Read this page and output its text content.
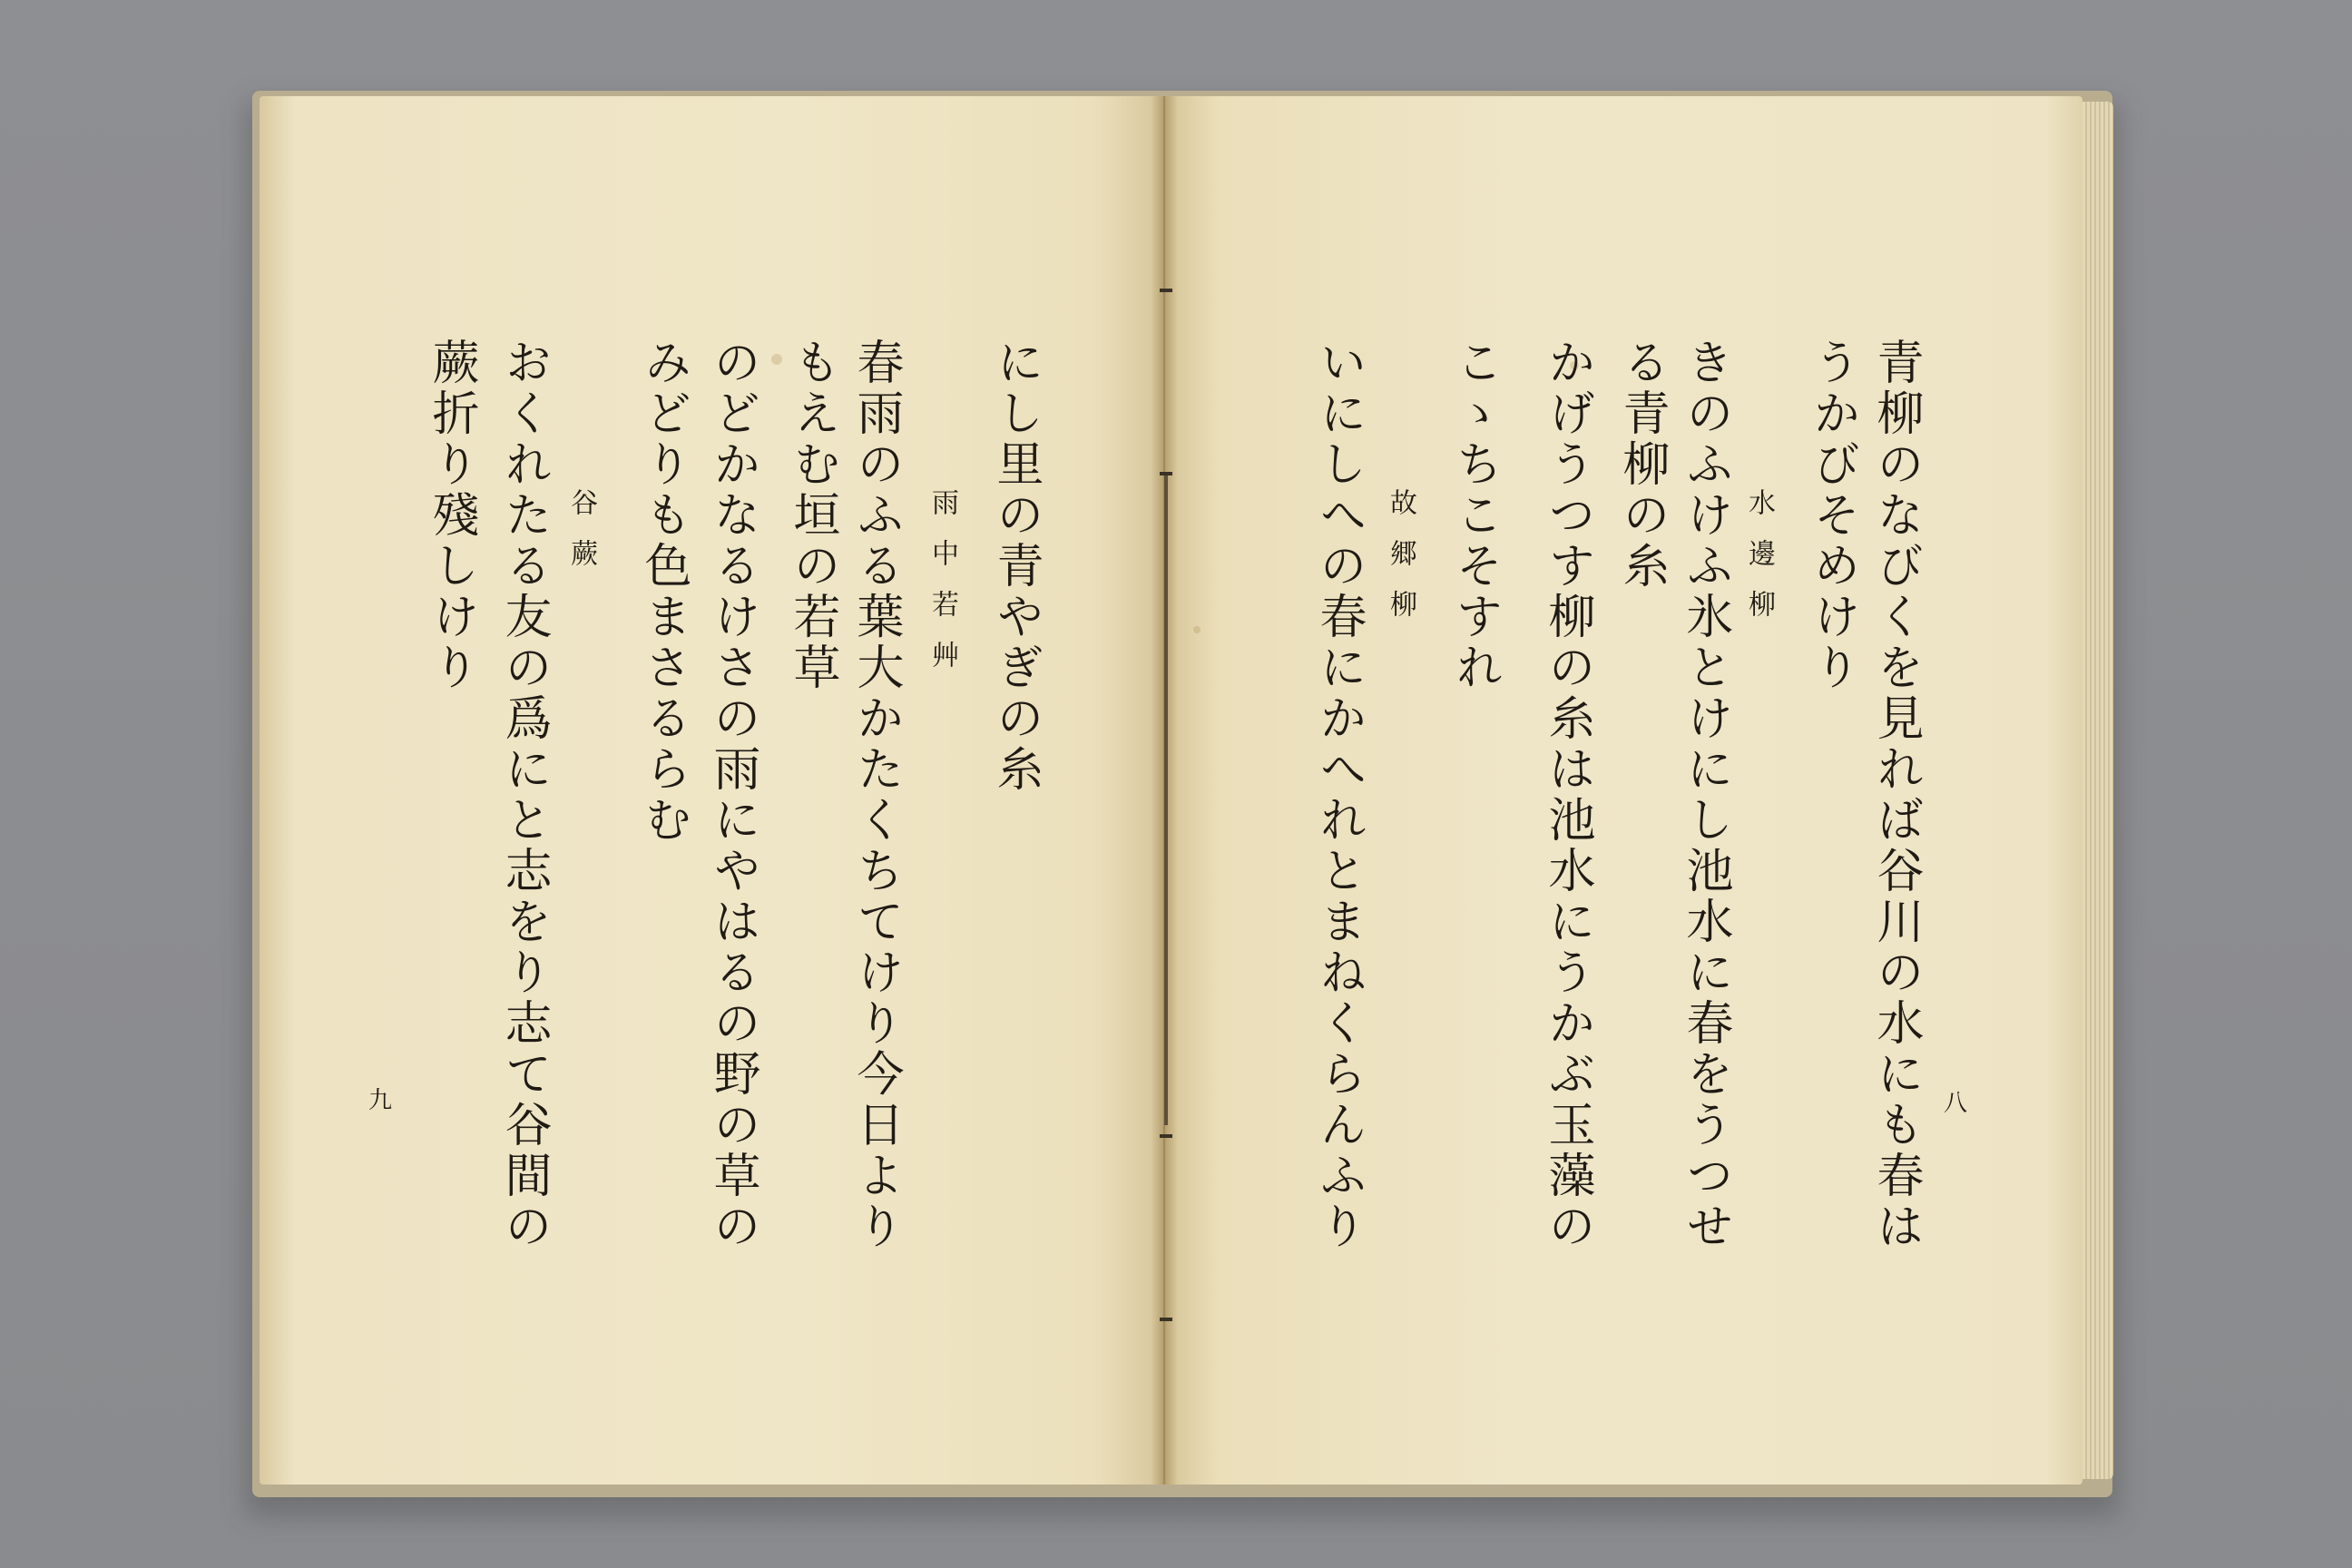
青柳のなびくを見れば谷川の水にも春は
うかびそめけり
水邊柳
きのふけふ氷とけにし池水に春をうつせ
る青柳の糸
かげうつす柳の糸は池水にうかぶ玉藻の
こゝちこそすれ
故郷柳
いにしへの春にかへれとまねくらんふり	八
にし里の青やぎの糸
雨中若艸
春雨のふる葉大かたくちてけり今日より
もえむ垣の若草
のどかなるけさの雨にやはるの野の草の
みどりも色まさるらむ
谷蕨
おくれたる友の爲にと志をり志て谷間の
蕨折り殘しけり
九
